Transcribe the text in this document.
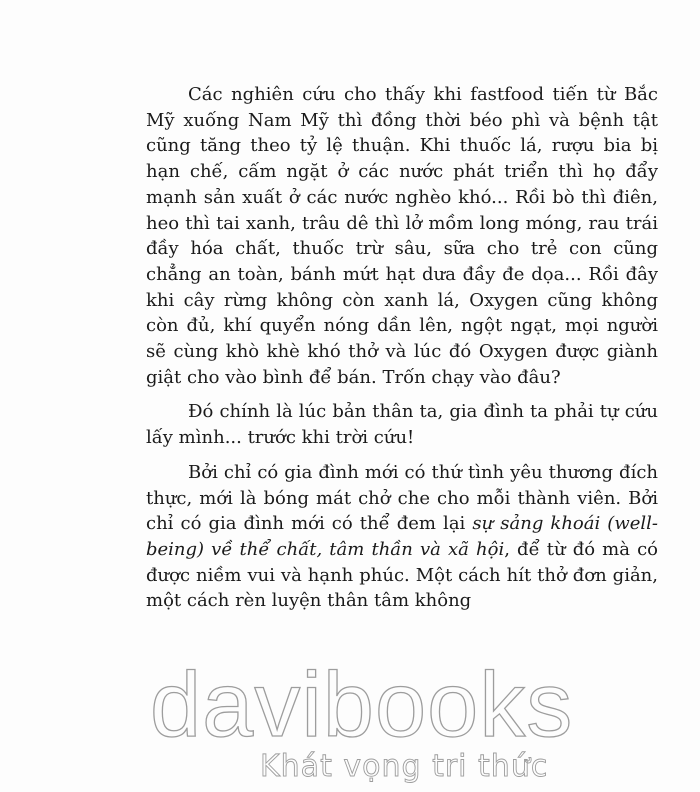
Các nghiên cứu cho thấy khi fastfood tiến từ Bắc Mỹ xuống Nam Mỹ thì đồng thời béo phì và bệnh tật cũng tăng theo tỷ lệ thuận. Khi thuốc lá, rượu bia bị hạn chế, cấm ngặt ở các nước phát triển thì họ đẩy mạnh sản xuất ở các nước nghèo khó... Rồi bò thì điên, heo thì tai xanh, trâu dê thì lở mồm long móng, rau trái đầy hóa chất, thuốc trừ sâu, sữa cho trẻ con cũng chẳng an toàn, bánh mứt hạt dưa đầy đe dọa... Rồi đây khi cây rừng không còn xanh lá, Oxygen cũng không còn đủ, khí quyển nóng dần lên, ngột ngạt, mọi người sẽ cùng khò khè khó thở và lúc đó Oxygen được giành giật cho vào bình để bán. Trốn chạy vào đâu?

Đó chính là lúc bản thân ta, gia đình ta phải tự cứu lấy mình... trước khi trời cứu!

Bởi chỉ có gia đình mới có thứ tình yêu thương đích thực, mới là bóng mát chở che cho mỗi thành viên. Bởi chỉ có gia đình mới có thể đem lại sự sảng khoái (well-being) về thể chất, tâm thần và xã hội, để từ đó mà có được niềm vui và hạnh phúc. Một cách hít thở đơn giản, một cách rèn luyện thân tâm không

davibooks
Khát vọng tri thức
